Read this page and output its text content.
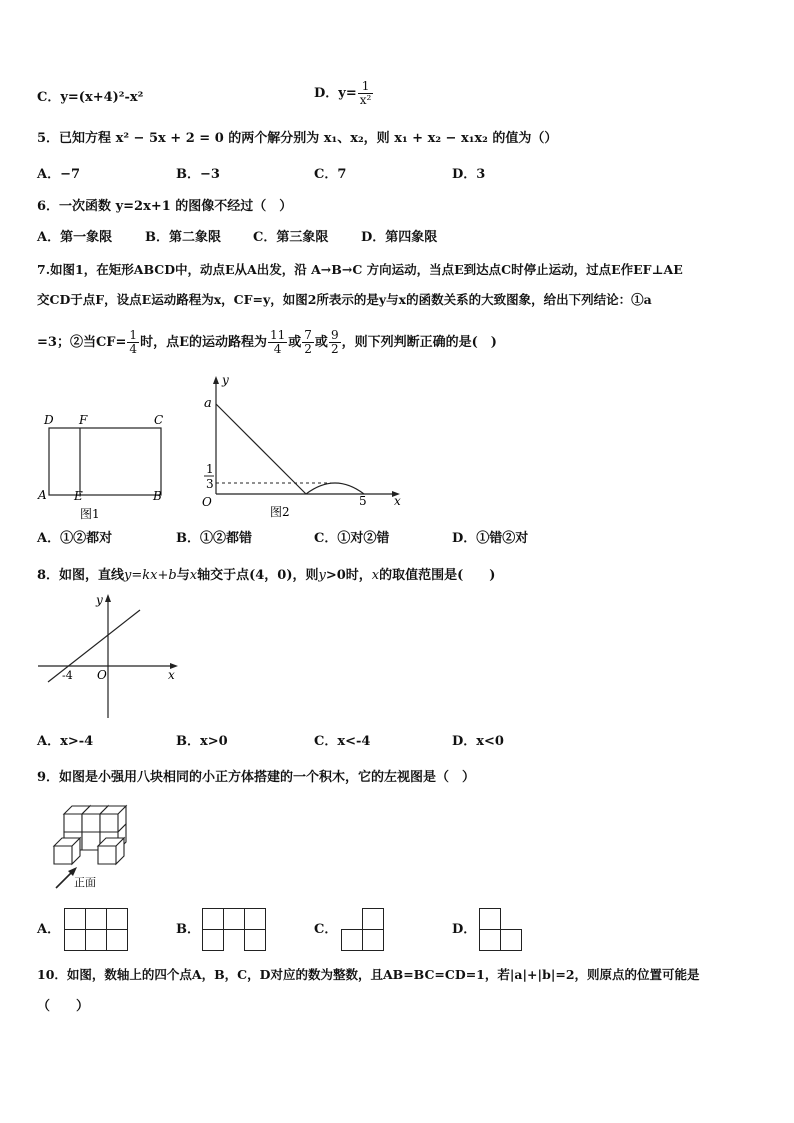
C．y=(x+4)²-x²	D．$y= \frac{1}{\text{x²}}$
5．已知方程 x² − 5x + 2 = 0 的两个解分别为 x₁、x₂，则 x₁ + x₂ − x₁x₂ 的值为（）
A．−7	B．−3	C．7	D．3
6．一次函数 y=2x+1 的图像不经过（　）
A．第一象限	B．第二象限 C．第三象限	D．第四象限
7.如图1，在矩形ABCD中，动点E从A出发，沿 A→B→C 方向运动，当点E到达点C时停止运动，过点E作EF⊥AE
交CD于点F，设点E运动路程为x，CF=y，如图2所表示的是y与x的函数关系的大致图象，给出下列结论：①a
=3；②当$CF= \frac{1}{4}$ 时，点E的运动路程为 $\frac{11}{4}$ 或 $\frac{7}{2}$ 或 $\frac{9}{2}$ ，则下列判断正确的是(　)
D F	C
A E	B
图1
y
a
1
3
O	5 x
图2
A．①②都对	B．①②都错	C．①对②错	D．①错②对
8．如图，直线y=kx+b与x轴交于点(4，0)，则y>0时，x的取值范围是(　　)
y
-4 O	x
A．x>-4	B．x>0	C．x<-4	D．x<0
9．如图是小强用八块相同的小正方体搭建的一个积木，它的左视图是（　）
正面
A．	B．	C．	D．
10．如图，数轴上的四个点A，B，C，D对应的数为整数，且AB=BC=CD=1，若|a|+|b|=2，则原点的位置可能是
（　　）
